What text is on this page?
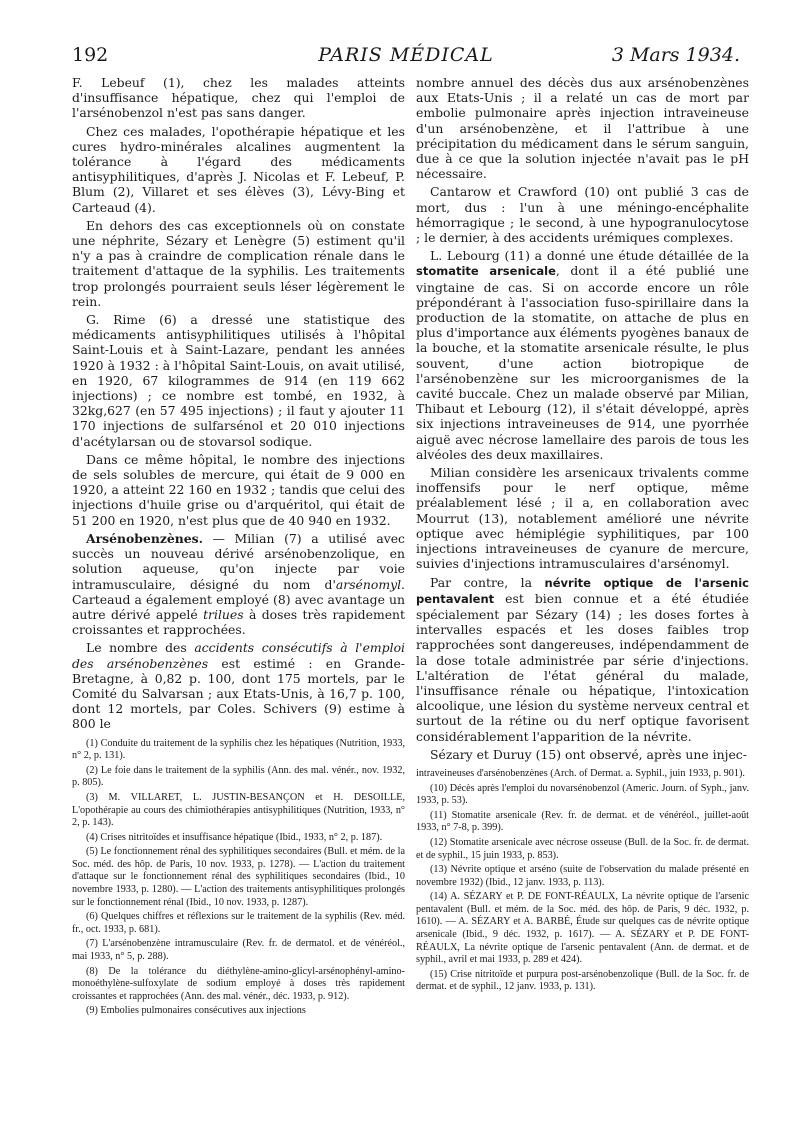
192	PARIS MÉDICAL	3 Mars 1934.

F. Lebeuf (1), chez les malades atteints d'insuffisance hépatique, chez qui l'emploi de l'arsénobenzol n'est pas sans danger.

Chez ces malades, l'opothérapie hépatique et les cures hydro-minérales alcalines augmentent la tolérance à l'égard des médicaments antisyphilitiques, d'après J. Nicolas et F. Lebeuf, P. Blum (2), Villaret et ses élèves (3), Lévy-Bing et Carteaud (4).

En dehors des cas exceptionnels où on constate une néphrite, Sézary et Lenègre (5) estiment qu'il n'y a pas à craindre de complication rénale dans le traitement d'attaque de la syphilis. Les traitements trop prolongés pourraient seuls léser légèrement le rein.

G. Rime (6) a dressé une statistique des médicaments antisyphilitiques utilisés à l'hôpital Saint-Louis et à Saint-Lazare, pendant les années 1920 à 1932 : à l'hôpital Saint-Louis, on avait utilisé, en 1920, 67 kilogrammes de 914 (en 119 662 injections) ; ce nombre est tombé, en 1932, à 32kg,627 (en 57 495 injections) ; il faut y ajouter 11 170 injections de sulfarsénol et 20 010 injections d'acétylarsan ou de stovarsol sodique.

Dans ce même hôpital, le nombre des injections de sels solubles de mercure, qui était de 9 000 en 1920, a atteint 22 160 en 1932 ; tandis que celui des injections d'huile grise ou d'arquéritol, qui était de 51 200 en 1920, n'est plus que de 40 940 en 1932.

Arsénobenzènes. — Milian (7) a utilisé avec succès un nouveau dérivé arsénobenzolique, en solution aqueuse, qu'on injecte par voie intramusculaire, désigné du nom d'arsénomyl. Carteaud a également employé (8) avec avantage un autre dérivé appelé trilues à doses très rapidement croissantes et rapprochées.

Le nombre des accidents consécutifs à l'emploi des arsénobenzènes est estimé : en Grande-Bretagne, à 0,82 p. 100, dont 175 mortels, par le Comité du Salvarsan ; aux Etats-Unis, à 16,7 p. 100, dont 12 mortels, par Coles. Schivers (9) estime à 800 le

(1) Conduite du traitement de la syphilis chez les hépatiques (Nutrition, 1933, n° 2, p. 131).

(2) Le foie dans le traitement de la syphilis (Ann. des mal. vénér., nov. 1932, p. 805).

(3) M. VILLARET, L. JUSTIN-BESANÇON et H. DESOILLE, L'opothérapie au cours des chimiothérapies antisyphilitiques (Nutrition, 1933, n° 2, p. 143).

(4) Crises nitritoïdes et insuffisance hépatique (Ibid., 1933, n° 2, p. 187).

(5) Le fonctionnement rénal des syphilitiques secondaires (Bull. et mém. de la Soc. méd. des hôp. de Paris, 10 nov. 1933, p. 1278). — L'action du traitement d'attaque sur le fonctionnement rénal des syphilitiques secondaires (Ibid., 10 novembre 1933, p. 1280). — L'action des traitements antisyphilitiques prolongés sur le fonctionnement rénal (Ibid., 10 nov. 1933, p. 1287).

(6) Quelques chiffres et réflexions sur le traitement de la syphilis (Rev. méd. fr., oct. 1933, p. 681).

(7) L'arsénobenzène intramusculaire (Rev. fr. de dermatol. et de vénéréol., mai 1933, n° 5, p. 288).

(8) De la tolérance du diéthylène-amino-glicyl-arsénophényl-amino-monoéthylène-sulfoxylate de sodium employé à doses très rapidement croissantes et rapprochées (Ann. des mal. vénér., déc. 1933, p. 912).

(9) Embolies pulmonaires consécutives aux injections

nombre annuel des décès dus aux arsénobenzènes aux Etats-Unis ; il a relaté un cas de mort par embolie pulmonaire après injection intraveineuse d'un arsénobenzène, et il l'attribue à une précipitation du médicament dans le sérum sanguin, due à ce que la solution injectée n'avait pas le pH nécessaire.

Cantarow et Crawford (10) ont publié 3 cas de mort, dus : l'un à une méningo-encéphalite hémorragique ; le second, à une hypogranulocytose ; le dernier, à des accidents urémiques complexes.

L. Lebourg (11) a donné une étude détaillée de la stomatite arsenicale, dont il a été publié une vingtaine de cas. Si on accorde encore un rôle prépondérant à l'association fuso-spirillaire dans la production de la stomatite, on attache de plus en plus d'importance aux éléments pyogènes banaux de la bouche, et la stomatite arsenicale résulte, le plus souvent, d'une action biotropique de l'arsénobenzène sur les microorganismes de la cavité buccale. Chez un malade observé par Milian, Thibaut et Lebourg (12), il s'était développé, après six injections intraveineuses de 914, une pyorrhée aiguë avec nécrose lamellaire des parois de tous les alvéoles des deux maxillaires.

Milian considère les arsenicaux trivalents comme inoffensifs pour le nerf optique, même préalablement lésé ; il a, en collaboration avec Mourrut (13), notablement amélioré une névrite optique avec hémiplégie syphilitiques, par 100 injections intraveineuses de cyanure de mercure, suivies d'injections intramusculaires d'arsénomyl.

Par contre, la névrite optique de l'arsenic pentavalent est bien connue et a été étudiée spécialement par Sézary (14) ; les doses fortes à intervalles espacés et les doses faibles trop rapprochées sont dangereuses, indépendamment de la dose totale administrée par série d'injections. L'altération de l'état général du malade, l'insuffisance rénale ou hépatique, l'intoxication alcoolique, une lésion du système nerveux central et surtout de la rétine ou du nerf optique favorisent considérablement l'apparition de la névrite.

Sézary et Duruy (15) ont observé, après une injec-

intraveineuses d'arsénobenzènes (Arch. of Dermat. a. Syphil., juin 1933, p. 901).

(10) Décès après l'emploi du novarsénobenzol (Americ. Journ. of Syph., janv. 1933, p. 53).

(11) Stomatite arsenicale (Rev. fr. de dermat. et de vénéréol., juillet-août 1933, n° 7-8, p. 399).

(12) Stomatite arsenicale avec nécrose osseuse (Bull. de la Soc. fr. de dermat. et de syphil., 15 juin 1933, p. 853).

(13) Névrite optique et arséno (suite de l'observation du malade présenté en novembre 1932) (Ibid., 12 janv. 1933, p. 113).

(14) A. SÉZARY et P. DE FONT-RÉAULX, La névrite optique de l'arsenic pentavalent (Bull. et mém. de la Soc. méd. des hôp. de Paris, 9 déc. 1932, p. 1610). — A. SÉZARY et A. BARBÉ, Étude sur quelques cas de névrite optique arsenicale (Ibid., 9 déc. 1932, p. 1617). — A. SÉZARY et P. DE FONT-RÉAULX, La névrite optique de l'arsenic pentavalent (Ann. de dermat. et de syphil., avril et mai 1933, p. 289 et 424).

(15) Crise nitritoïde et purpura post-arsénobenzolique (Bull. de la Soc. fr. de dermat. et de syphil., 12 janv. 1933, p. 131).
